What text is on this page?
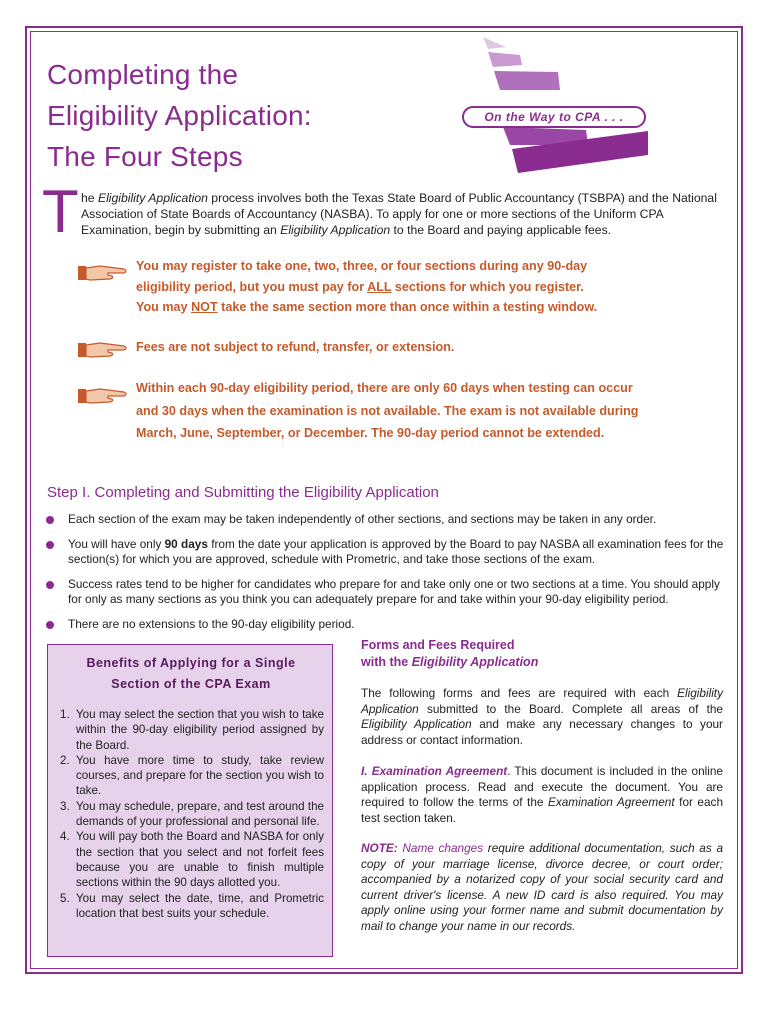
Completing the
Eligibility Application:
The Four Steps
On the Way to CPA . . .
T he Eligibility Application process involves both the Texas State Board of Public Accountancy (TSBPA) and the National Association of State Boards of Accountancy (NASBA). To apply for one or more sections of the Uniform CPA Examination, begin by submitting an Eligibility Application to the Board and paying applicable fees.
You may register to take one, two, three, or four sections during any 90-day
eligibility period, but you must pay for ALL sections for which you register.
You may NOT take the same section more than once within a testing window.
Fees are not subject to refund, transfer, or extension.
Within each 90-day eligibility period, there are only 60 days when testing can occur and 30 days when the examination is not available. The exam is not available during March, June, September, or December. The 90-day period cannot be extended.
Step I. Completing and Submitting the Eligibility Application
Each section of the exam may be taken independently of other sections, and sections may be taken in any order.
You will have only 90 days from the date your application is approved by the Board to pay NASBA all examination fees for the section(s) for which you are approved, schedule with Prometric, and take those sections of the exam.
Success rates tend to be higher for candidates who prepare for and take only one or two sections at a time. You should apply for only as many sections as you think you can adequately prepare for and take within your 90-day eligibility period.
There are no extensions to the 90-day eligibility period.
Benefits of Applying for a Single
Section of the CPA Exam
1. You may select the section that you wish to take within the 90-day eligibility period assigned by the Board.
2. You have more time to study, take review courses, and prepare for the section you wish to take.
3. You may schedule, prepare, and test around the demands of your professional and personal life.
4. You will pay both the Board and NASBA for only the section that you select and not forfeit fees because you are unable to finish multiple sections within the 90 days allotted you.
5. You may select the date, time, and Prometric location that best suits your schedule.
Forms and Fees Required
with the Eligibility Application
The following forms and fees are required with each Eligibility Application submitted to the Board. Complete all areas of the Eligibility Application and make any necessary changes to your address or contact information.
I. Examination Agreement. This document is included in the online application process. Read and execute the document. You are required to follow the terms of the Examination Agreement for each test section taken.
NOTE: Name changes require additional documentation, such as a copy of your marriage license, divorce decree, or court order; accompanied by a notarized copy of your social security card and current driver's license. A new ID card is also required. You may apply online using your former name and submit documentation by mail to change your name in our records.
